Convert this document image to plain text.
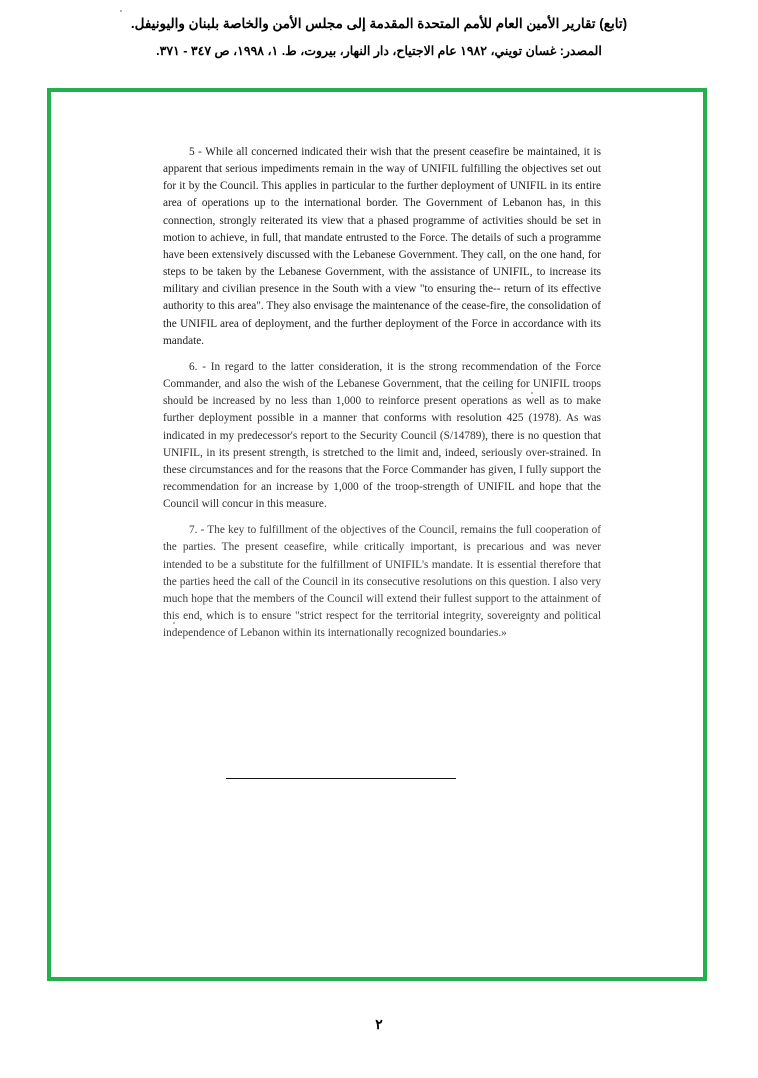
(تابع) تقارير الأمين العام للأمم المتحدة المقدمة إلى مجلس الأمن والخاصة بلبنان واليونيفل.
المصدر: غسان تويني، ١٩٨٢ عام الاجتياح، دار النهار، بيروت، ط. ١، ١٩٩٨، ص ٣٤٧ - ٣٧١.

5 - While all concerned indicated their wish that the present ceasefire be maintained, it is apparent that serious impediments remain in the way of UNIFIL fulfilling the objectives set out for it by the Council. This applies in particular to the further deployment of UNIFIL in its entire area of operations up to the international border. The Government of Lebanon has, in this connection, strongly reiterated its view that a phased programme of activities should be set in motion to achieve, in full, that mandate entrusted to the Force. The details of such a programme have been extensively discussed with the Lebanese Government. They call, on the one hand, for steps to be taken by the Lebanese Government, with the assistance of UNIFIL, to increase its military and civilian presence in the South with a view "to ensuring the-- return of its effective authority to this area". They also envisage the maintenance of the cease-fire, the consolidation of the UNIFIL area of deployment, and the further deployment of the Force in accordance with its mandate.

6. - In regard to the latter consideration, it is the strong recommendation of the Force Commander, and also the wish of the Lebanese Government, that the ceiling for UNIFIL troops should be increased by no less than 1,000 to reinforce present operations as well as to make further deployment possible in a manner that conforms with resolution 425 (1978). As was indicated in my predecessor's report to the Security Council (S/14789), there is no question that UNIFIL, in its present strength, is stretched to the limit and, indeed, seriously over-strained. In these circumstances and for the reasons that the Force Commander has given, I fully support the recommendation for an increase by 1,000 of the troop-strength of UNIFIL and hope that the Council will concur in this measure.

7. - The key to fulfillment of the objectives of the Council, remains the full cooperation of the parties. The present ceasefire, while critically important, is precarious and was never intended to be a substitute for the fulfillment of UNIFIL's mandate. It is essential therefore that the parties heed the call of the Council in its consecutive resolutions on this question. I also very much hope that the members of the Council will extend their fullest support to the attainment of this end, which is to ensure "strict respect for the territorial integrity, sovereignty and political independence of Lebanon within its internationally recognized boundaries.»

٢
